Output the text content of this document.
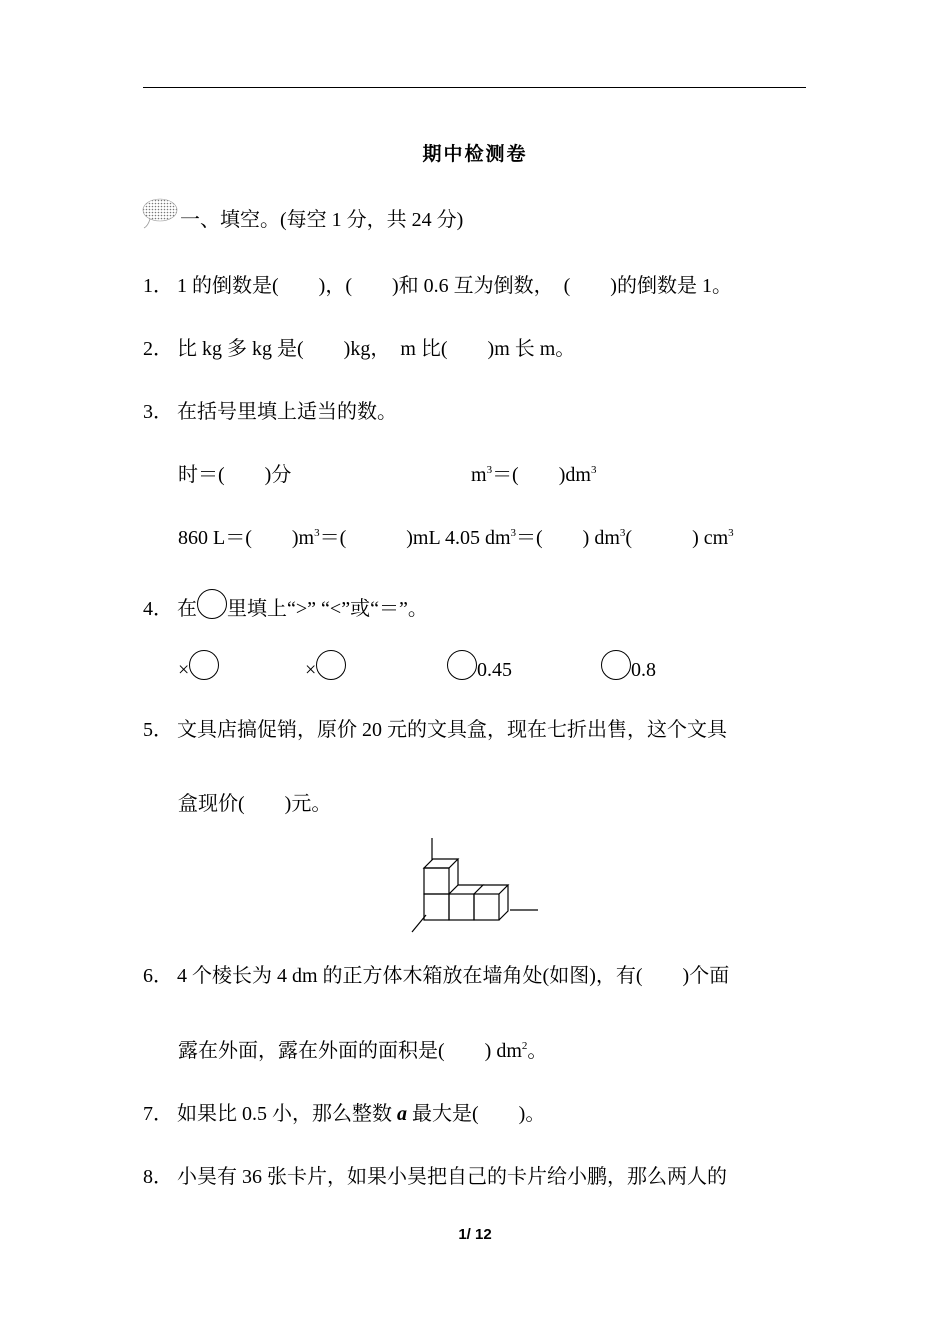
期中检测卷
一、填空。(每空 1 分，共 24 分)
1． 1 的倒数是(　　)，(　　)和 0.6 互为倒数，　(　　)的倒数是 1。
2． 比 kg 多 kg 是(　　)kg，　m 比(　　)m 长 m。
3． 在括号里填上适当的数。
时＝(　　)分	$m^3=$(　　)$dm^3$
860 L＝(　　)$m^3=$(　　　)mL 4.05 $dm^3=$(　　) $dm^3$(　　　) $cm^3$
4． 在 里填上“>” “<”或“＝”。
×	×	0.45	0.8
5． 文具店搞促销，原价 20 元的文具盒，现在七折出售，这个文具
盒现价(　　)元。
6． 4 个棱长为 4 dm 的正方体木箱放在墙角处(如图)，有(　　)个面
露在外面，露在外面的面积是(　　) $dm^2$。
7． 如果比 0.5 小，那么整数 a 最大是(　　)。
8． 小昊有 36 张卡片，如果小昊把自己的卡片给小鹏，那么两人的
1/ 12
